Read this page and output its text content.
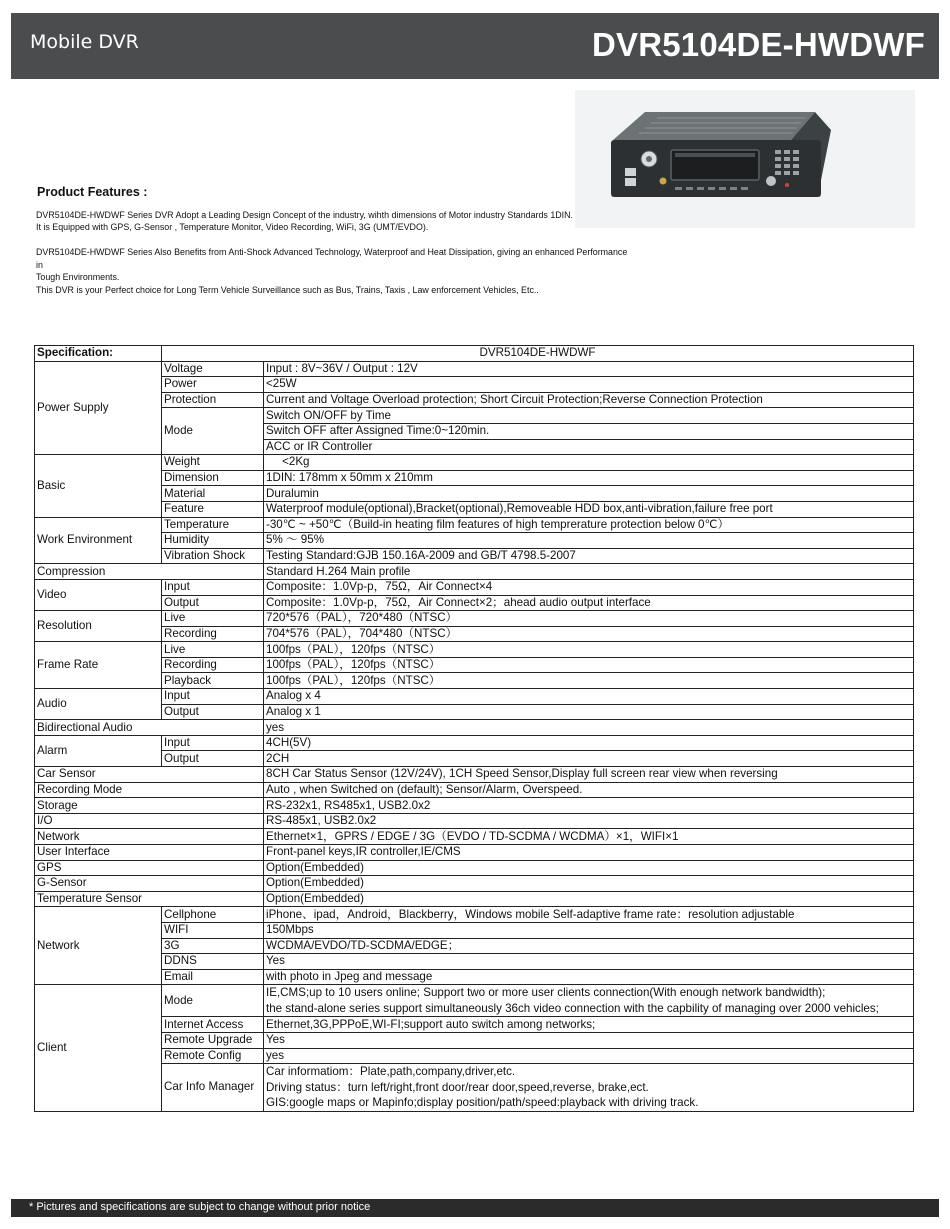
Mobile DVR	DVR5104DE-HWDWF
Product Features :

DVR5104DE-HWDWF Series DVR Adopt a Leading Design Concept of the industry, wihth dimensions of Motor industry Standards 1DIN.

It is Equipped with GPS, G-Sensor , Temperature Monitor, Video Recording, WiFi, 3G (UMT/EVDO).

DVR5104DE-HWDWF Series Also Benefits from Anti-Shock Advanced Technology, Waterproof and Heat Dissipation, giving an enhanced Performance in

Tough Environments.

This DVR is your Perfect choice for Long Term Vehicle Surveillance such as Bus, Trains, Taxis , Law enforcement Vehicles, Etc..

Specification:	DVR5104DE-HWDWF	
Power Supply	Voltage	Input : 8V~36V / Output : 12V
	Power	<25W
	Protection	Current and Voltage Overload protection; Short Circuit Protection;Reverse Connection Protection
	Mode	Switch ON/OFF by Time
		Switch OFF after Assigned Time:0~120min.
		ACC or IR Controller
Basic	Weight	<2Kg
	Dimension	1DIN: 178mm x 50mm x 210mm
	Material	Duralumin
	Feature	Waterproof module(optional),Bracket(optional),Removeable HDD box,anti-vibration,failure free port
Work Environment	Temperature	-30℃ ~ +50℃（Build-in heating film features of high temprerature protection below 0℃）
	Humidity	5% ～ 95%
	Vibration Shock	Testing Standard:GJB 150.16A-2009 and GB/T 4798.5-2007
Compression		Standard H.264 Main profile
Video	Input	Composite：1.0Vp-p，75Ω，Air Connect×4
	Output	Composite：1.0Vp-p，75Ω，Air Connect×2；ahead audio output interface
Resolution	Live	720*576（PAL），720*480（NTSC）
	Recording	704*576（PAL），704*480（NTSC）
Frame Rate	Live	100fps（PAL），120fps（NTSC）
	Recording	100fps（PAL），120fps（NTSC）
	Playback	100fps（PAL），120fps（NTSC）
Audio	Input	Analog x 4
	Output	Analog x 1
Bidirectional Audio		yes
Alarm	Input	4CH(5V)
	Output	2CH
Car Sensor		8CH Car Status Sensor (12V/24V), 1CH Speed Sensor,Display full screen rear view when reversing
Recording Mode		Auto , when Switched on (default); Sensor/Alarm, Overspeed.
Storage		RS-232x1, RS485x1, USB2.0x2
I/O		RS-485x1, USB2.0x2
Network		Ethernet×1，GPRS / EDGE / 3G（EVDO / TD-SCDMA / WCDMA）×1，WIFI×1
User Interface		Front-panel keys,IR controller,IE/CMS
GPS		Option(Embedded)
G-Sensor		Option(Embedded)
Temperature Sensor		Option(Embedded)
Network	Cellphone	iPhone、ipad，Android，Blackberry，Windows mobile Self-adaptive frame rate：resolution adjustable
	WIFI	150Mbps
	3G	WCDMA/EVDO/TD-SCDMA/EDGE；
	DDNS	Yes
	Email	with photo in Jpeg and message
Client	Mode	IE,CMS;up to 10 users online; Support two or more user clients connection(With enough network bandwidth);
the stand-alone series support simultaneously 36ch video connection with the capbility of managing over 2000 vehicles;

	Internet Access	Ethernet,3G,PPPoE,WI-FI;support auto switch among networks;
	Remote Upgrade	Yes
	Remote Config	yes
	Car Info Manager	Car informatiom：Plate,path,company,driver,etc.
Driving status：turn left/right,front door/rear door,speed,reverse, brake,ect.
GIS:google maps or Mapinfo;display position/path/speed:playback with driving track.
* Pictures and specifications are subject to change without prior notice
